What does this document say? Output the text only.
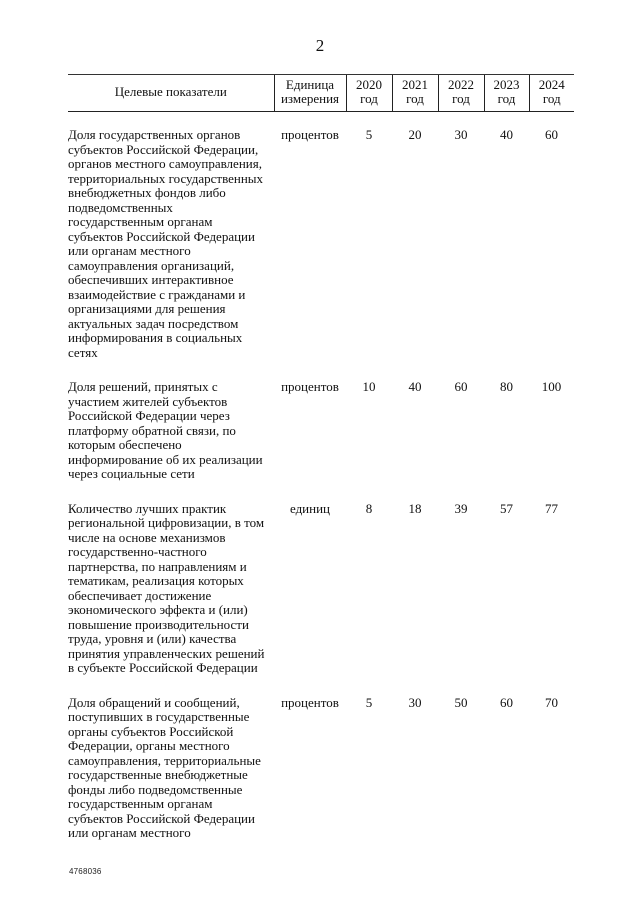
2
Целевые показатели	Единица измерения	2020 год	2021 год	2022 год	2023 год	2024 год

Доля государственных органов субъектов Российской Федерации, органов местного самоуправления, территориальных государственных внебюджетных фондов либо подведомственных государственным органам субъектов Российской Федерации или органам местного самоуправления организаций, обеспечивших интерактивное взаимодействие с гражданами и организациями для решения актуальных задач посредством информирования в социальных сетях	процентов	5	20	30	40	60
Доля решений, принятых с участием жителей субъектов Российской Федерации через платформу обратной связи, по которым обеспечено информирование об их реализации через социальные сети	процентов	10	40	60	80	100
Количество лучших практик региональной цифровизации, в том числе на основе механизмов государственно-частного партнерства, по направлениям и тематикам, реализация которых обеспечивает достижение экономического эффекта и (или) повышение производительности труда, уровня и (или) качества принятия управленческих решений в субъекте Российской Федерации	единиц	8	18	39	57	77
Доля обращений и сообщений, поступивших в государственные органы субъектов Российской Федерации, органы местного самоуправления, территориальные государственные внебюджетные фонды либо подведомственные государственным органам субъектов Российской Федерации или органам местного	процентов	5	30	50	60	70
4768036
